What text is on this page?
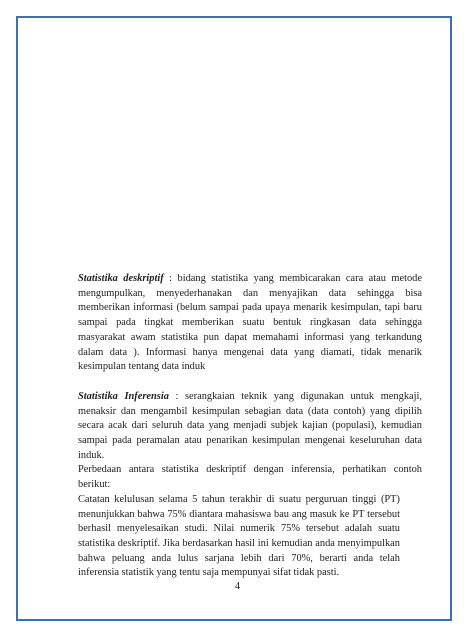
Statistika deskriptif : bidang statistika yang membicarakan cara atau metode mengumpulkan, menyederhanakan dan menyajikan data sehingga bisa memberikan informasi (belum sampai pada upaya menarik kesimpulan, tapi baru sampai pada tingkat memberikan suatu bentuk ringkasan data sehingga masyarakat awam statistika pun dapat memahami informasi yang terkandung dalam data ). Informasi hanya mengenai data yang diamati, tidak menarik kesimpulan tentang data induk

Statistika Inferensia : serangkaian teknik yang digunakan untuk mengkaji, menaksir dan mengambil kesimpulan sebagian data (data contoh) yang dipilih secara acak dari seluruh data yang menjadi subjek kajian (populasi), kemudian sampai pada peramalan atau penarikan kesimpulan mengenai keseluruhan data induk.

Perbedaan antara statistika deskriptif dengan inferensia, perhatikan contoh berikut:

Catatan kelulusan selama 5 tahun terakhir di suatu perguruan tinggi (PT) menunjukkan bahwa 75% diantara mahasiswa bau ang masuk ke PT tersebut berhasil menyelesaikan studi. Nilai numerik 75% tersebut adalah suatu statistika deskriptif. Jika berdasarkan hasil ini kemudian anda menyimpulkan bahwa peluang anda lulus sarjana lebih dari 70%, berarti anda telah inferensia statistik yang tentu saja mempunyai sifat tidak pasti.

4
